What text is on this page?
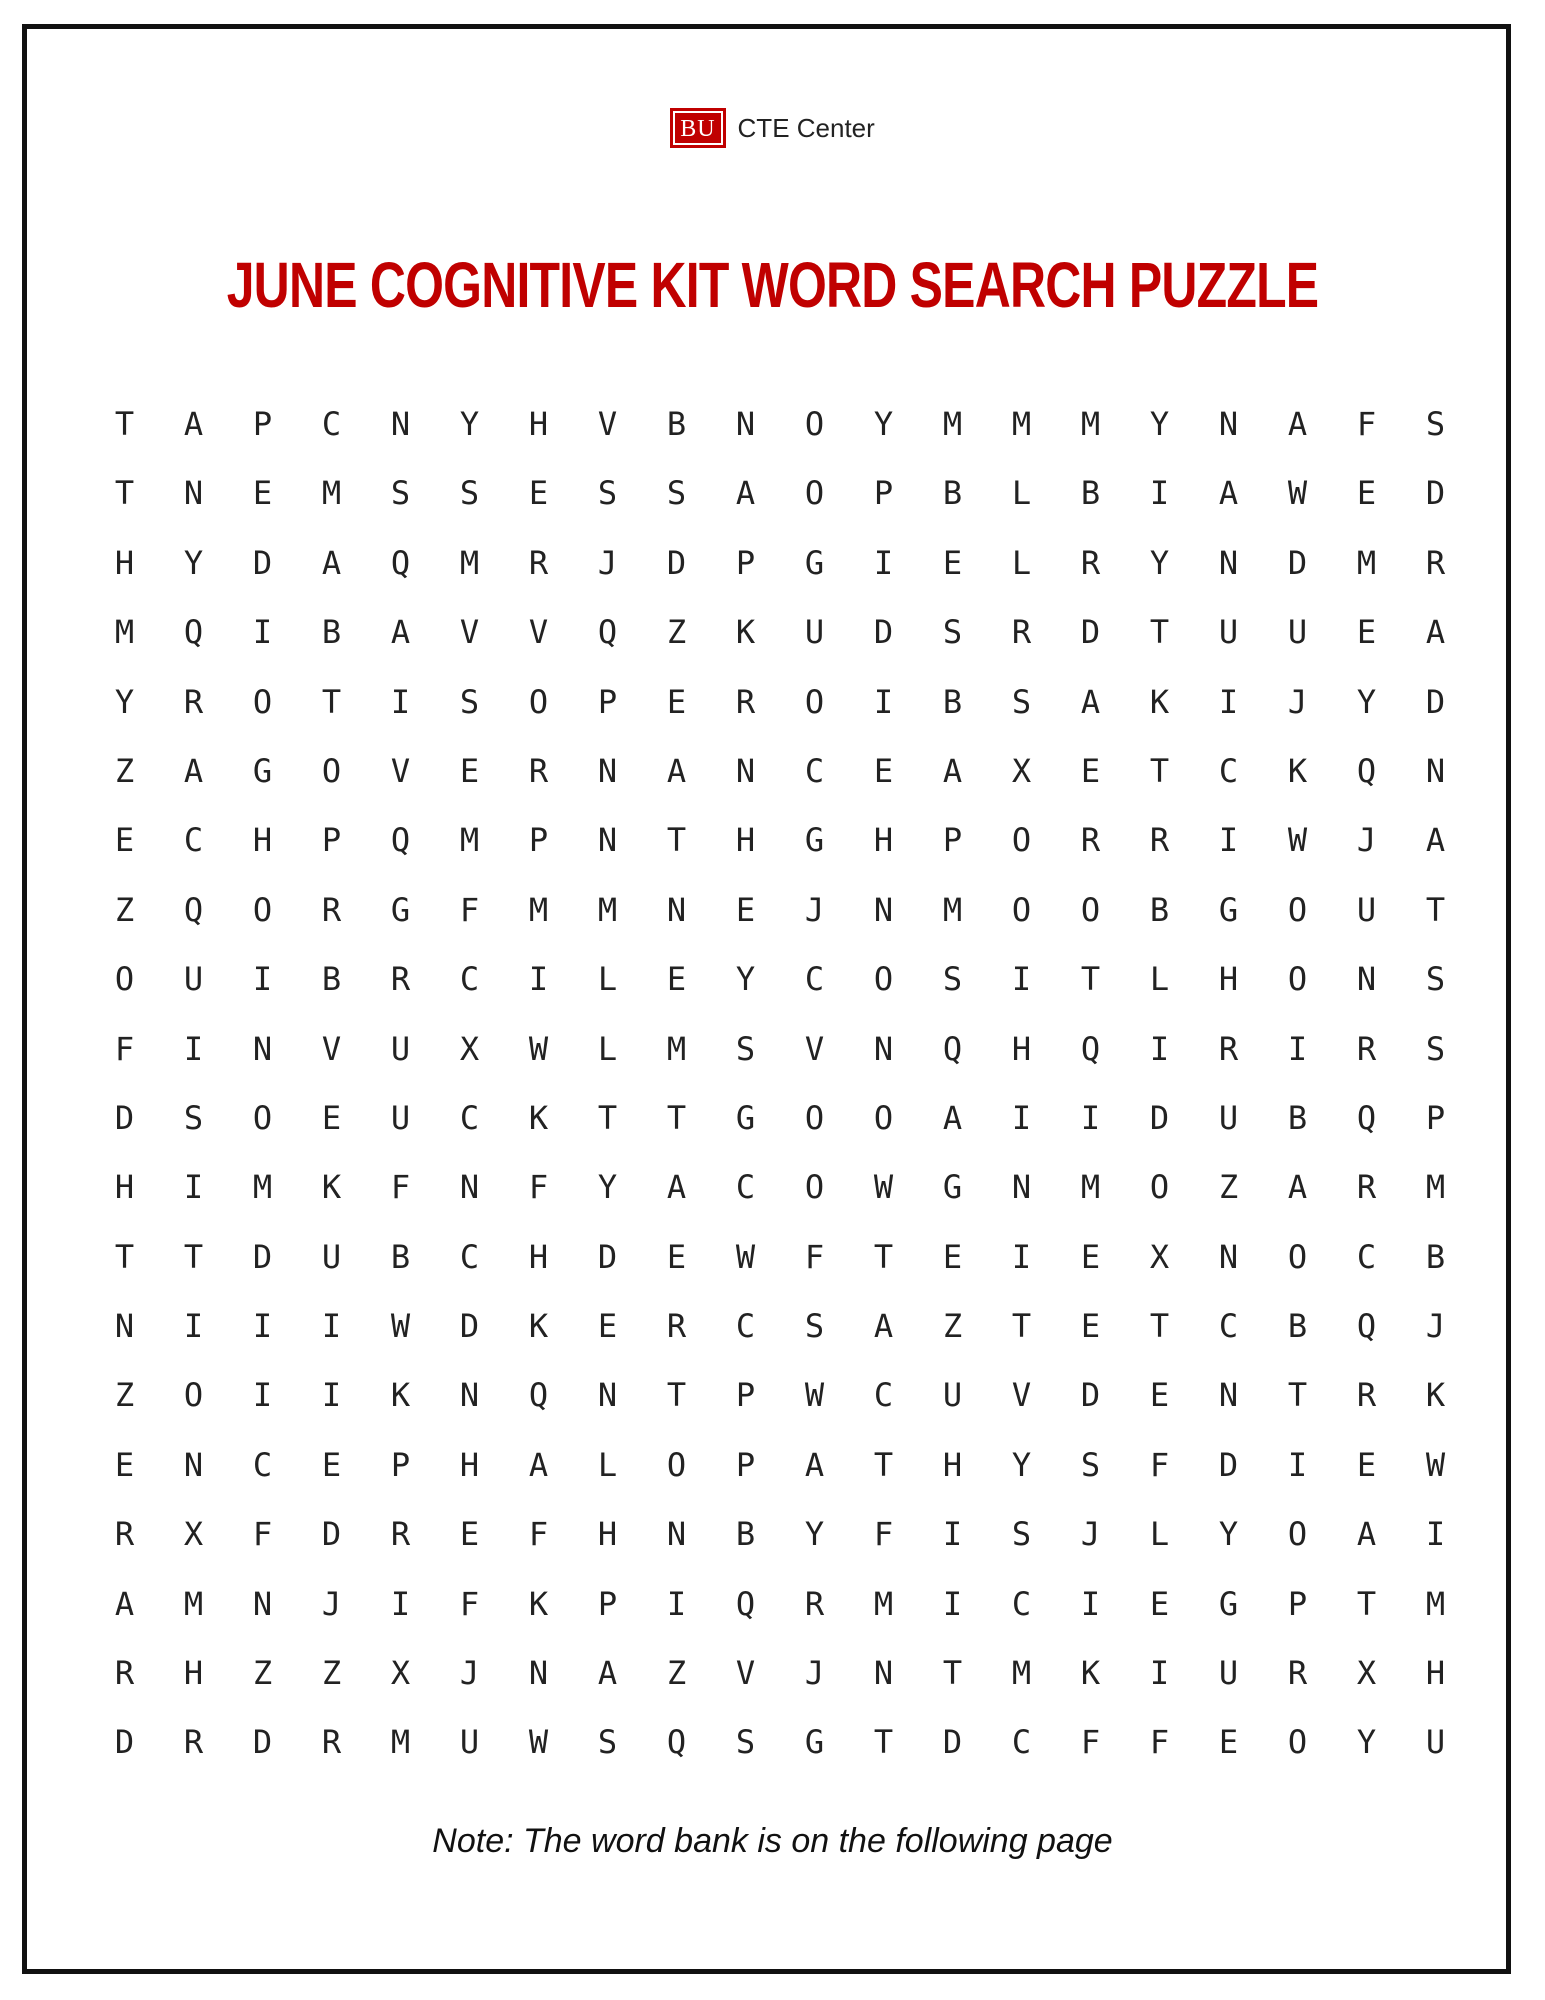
BU CTE Center
JUNE COGNITIVE KIT WORD SEARCH PUZZLE
T	A	P	C	N	Y	H	V	B	N	O	Y	M	M	M	Y	N	A	F	S
T	N	E	M	S	S	E	S	S	A	O	P	B	L	B	I	A	W	E	D
H	Y	D	A	Q	M	R	J	D	P	G	I	E	L	R	Y	N	D	M	R
M	Q	I	B	A	V	V	Q	Z	K	U	D	S	R	D	T	U	U	E	A
Y	R	O	T	I	S	O	P	E	R	O	I	B	S	A	K	I	J	Y	D
Z	A	G	O	V	E	R	N	A	N	C	E	A	X	E	T	C	K	Q	N
E	C	H	P	Q	M	P	N	T	H	G	H	P	O	R	R	I	W	J	A
Z	Q	O	R	G	F	M	M	N	E	J	N	M	O	O	B	G	O	U	T
O	U	I	B	R	C	I	L	E	Y	C	O	S	I	T	L	H	O	N	S
F	I	N	V	U	X	W	L	M	S	V	N	Q	H	Q	I	R	I	R	S
D	S	O	E	U	C	K	T	T	G	O	O	A	I	I	D	U	B	Q	P
H	I	M	K	F	N	F	Y	A	C	O	W	G	N	M	O	Z	A	R	M
T	T	D	U	B	C	H	D	E	W	F	T	E	I	E	X	N	O	C	B
N	I	I	I	W	D	K	E	R	C	S	A	Z	T	E	T	C	B	Q	J
Z	O	I	I	K	N	Q	N	T	P	W	C	U	V	D	E	N	T	R	K
E	N	C	E	P	H	A	L	O	P	A	T	H	Y	S	F	D	I	E	W
R	X	F	D	R	E	F	H	N	B	Y	F	I	S	J	L	Y	O	A	I
A	M	N	J	I	F	K	P	I	Q	R	M	I	C	I	E	G	P	T	M
R	H	Z	Z	X	J	N	A	Z	V	J	N	T	M	K	I	U	R	X	H
D	R	D	R	M	U	W	S	Q	S	G	T	D	C	F	F	E	O	Y	U
Note: The word bank is on the following page
